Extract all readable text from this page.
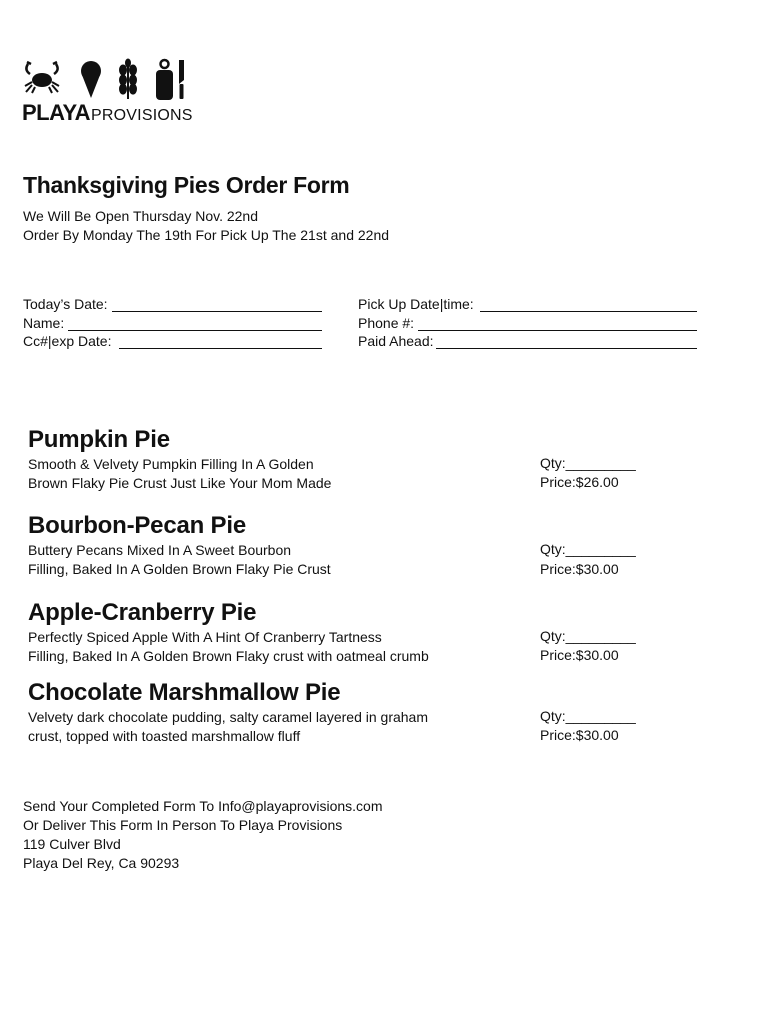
PLAYAPROVISIONS
Thanksgiving Pies Order Form

We Will Be Open Thursday Nov. 22nd

Order By Monday The 19th For Pick Up The 21st and 22nd

Today’s Date:
Name:
Cc#|exp Date:
Pick Up Date|time:
Phone #:
Paid Ahead:
Pumpkin Pie

Smooth & Velvety Pumpkin Filling In A Golden
Brown Flaky Pie Crust Just Like Your Mom Made

Qty:_________

Price:$26.00

Bourbon-Pecan Pie

Buttery Pecans Mixed In A Sweet Bourbon
Filling, Baked In A Golden Brown Flaky Pie Crust

Qty:_________

Price:$30.00

Apple-Cranberry Pie

Perfectly Spiced Apple With A Hint Of Cranberry Tartness
Filling, Baked In A Golden Brown Flaky crust with oatmeal crumb

Qty:_________

Price:$30.00

Chocolate Marshmallow Pie

Velvety dark chocolate pudding, salty caramel layered in graham
crust, topped with toasted marshmallow fluff

Qty:_________

Price:$30.00

Send Your Completed Form To Info@playaprovisions.com
Or Deliver This Form In Person To Playa Provisions
119 Culver Blvd
Playa Del Rey, Ca 90293
